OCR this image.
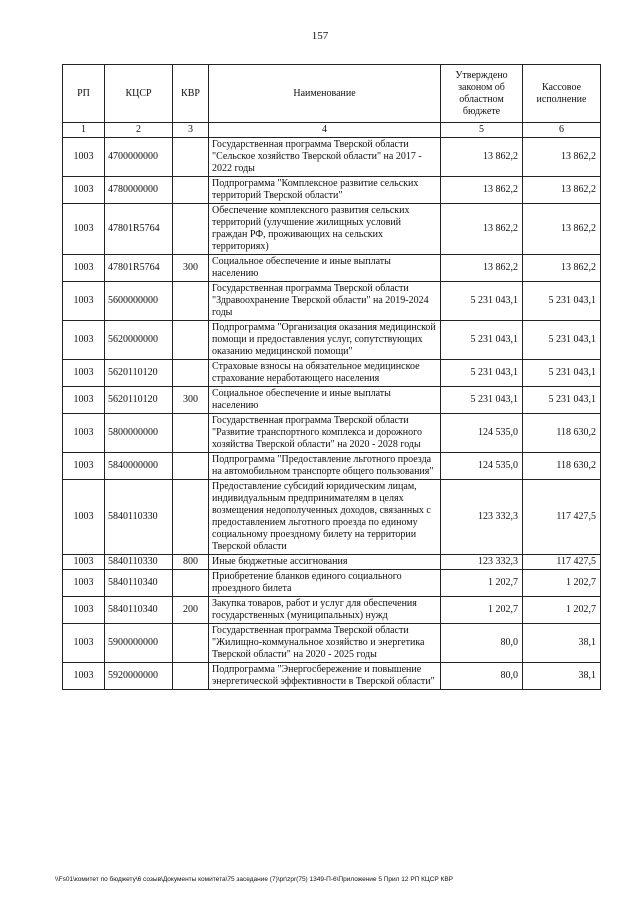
157
РП	КЦСР	КВР	Наименование	Утверждено законом об областном бюджете	Кассовое исполнение
1	2	3	4	5	6
1003	4700000000		Государственная программа Тверской области "Сельское хозяйство Тверской области" на 2017 - 2022 годы	13 862,2	13 862,2
1003	4780000000		Подпрограмма "Комплексное развитие сельских территорий Тверской области"	13 862,2	13 862,2
1003	47801R5764		Обеспечение комплексного развития сельских территорий (улучшение жилищных условий граждан РФ, проживающих на сельских территориях)	13 862,2	13 862,2
1003	47801R5764	300	Социальное обеспечение и иные выплаты населению	13 862,2	13 862,2
1003	5600000000		Государственная программа Тверской области "Здравоохранение Тверской области" на 2019-2024 годы	5 231 043,1	5 231 043,1
1003	5620000000		Подпрограмма "Организация оказания медицинской помощи и предоставления услуг, сопутствующих оказанию медицинской помощи"	5 231 043,1	5 231 043,1
1003	5620110120		Страховые взносы на обязательное медицинское страхование неработающего населения	5 231 043,1	5 231 043,1
1003	5620110120	300	Социальное обеспечение и иные выплаты населению	5 231 043,1	5 231 043,1
1003	5800000000		Государственная программа Тверской области "Развитие транспортного комплекса и дорожного хозяйства Тверской области" на 2020 - 2028 годы	124 535,0	118 630,2
1003	5840000000		Подпрограмма "Предоставление льготного проезда на автомобильном транспорте общего пользования"	124 535,0	118 630,2
1003	5840110330		Предоставление субсидий юридическим лицам, индивидуальным предпринимателям в целях возмещения недополученных доходов, связанных с предоставлением льготного проезда по единому социальному проездному билету на территории Тверской области	123 332,3	117 427,5
1003	5840110330	800	Иные бюджетные ассигнования	123 332,3	117 427,5
1003	5840110340		Приобретение бланков единого социального проездного билета	1 202,7	1 202,7
1003	5840110340	200	Закупка товаров, работ и услуг для обеспечения государственных (муниципальных) нужд	1 202,7	1 202,7
1003	5900000000		Государственная программа Тверской области "Жилищно-коммунальное хозяйство и энергетика Тверской области" на 2020 - 2025 годы	80,0	38,1
1003	5920000000		Подпрограмма "Энергосбережение и повышение энергетической эффективности в Тверской области"	80,0	38,1
\\Fs01\комитет по бюджету\6 созыв\Документы комитета\75 заседание (7)\pr\zpr(75) 1349-П-6\Приложение 5 Прил 12 РП КЦСР КВР
